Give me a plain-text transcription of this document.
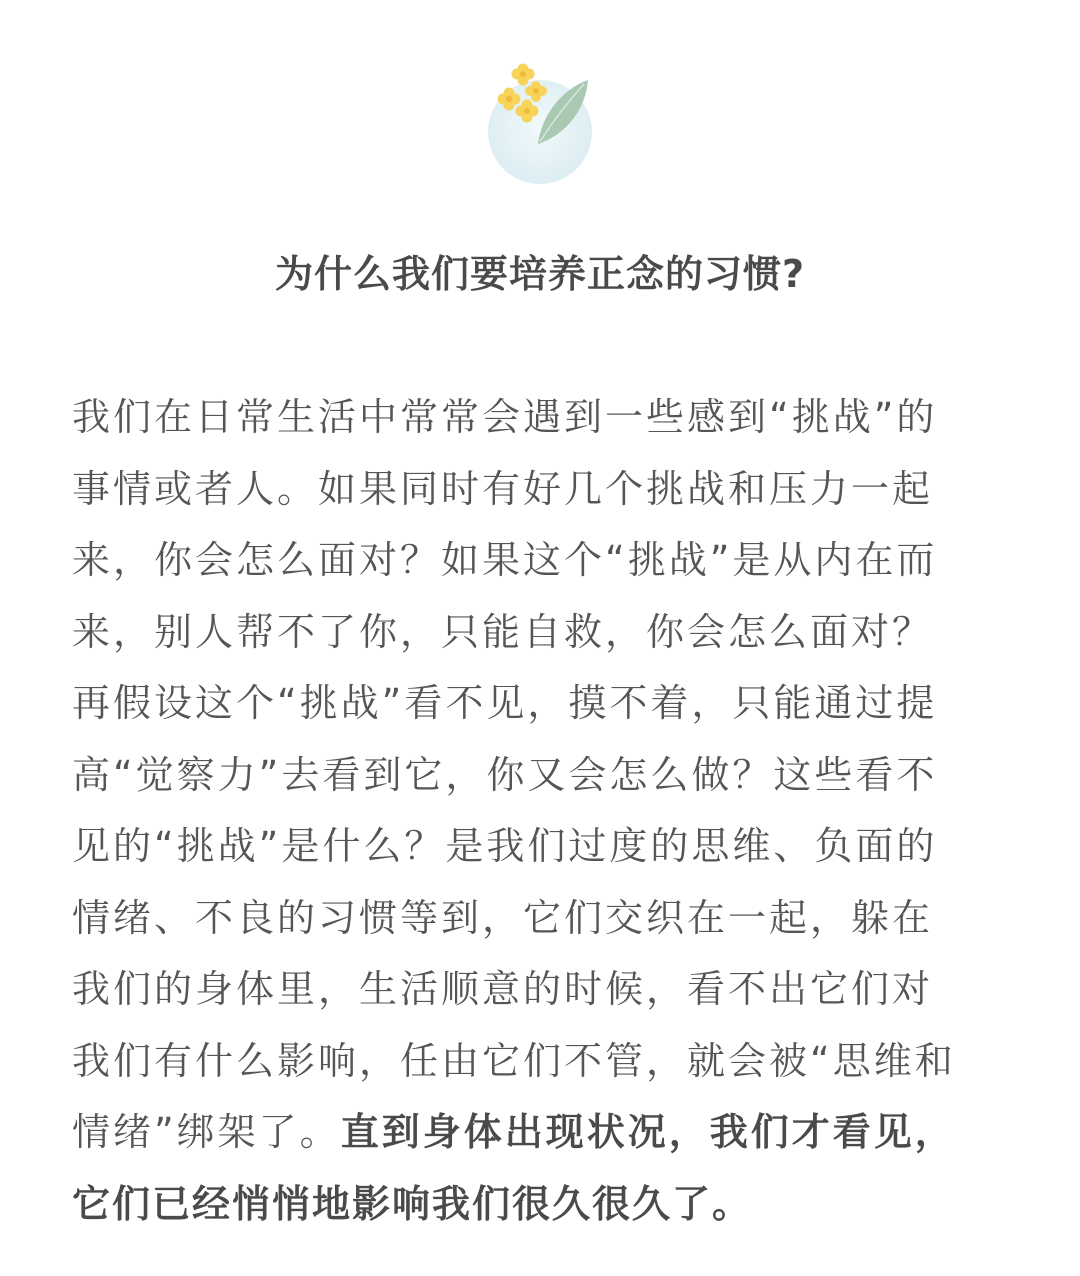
为什么我们要培养正念的习惯?
我们在日常生活中常常会遇到一些感到“挑战”的
事情或者人。如果同时有好几个挑战和压力一起
来，你会怎么面对？如果这个“挑战”是从内在而
来，别人帮不了你，只能自救，你会怎么面对？
再假设这个“挑战”看不见，摸不着，只能通过提
高“觉察力”去看到它，你又会怎么做？这些看不
见的“挑战”是什么？是我们过度的思维、负面的
情绪、不良的习惯等到，它们交织在一起，躲在
我们的身体里，生活顺意的时候，看不出它们对
我们有什么影响，任由它们不管，就会被“思维和
情绪”绑架了。直到身体出现状况，我们才看见，
它们已经悄悄地影响我们很久很久了。
